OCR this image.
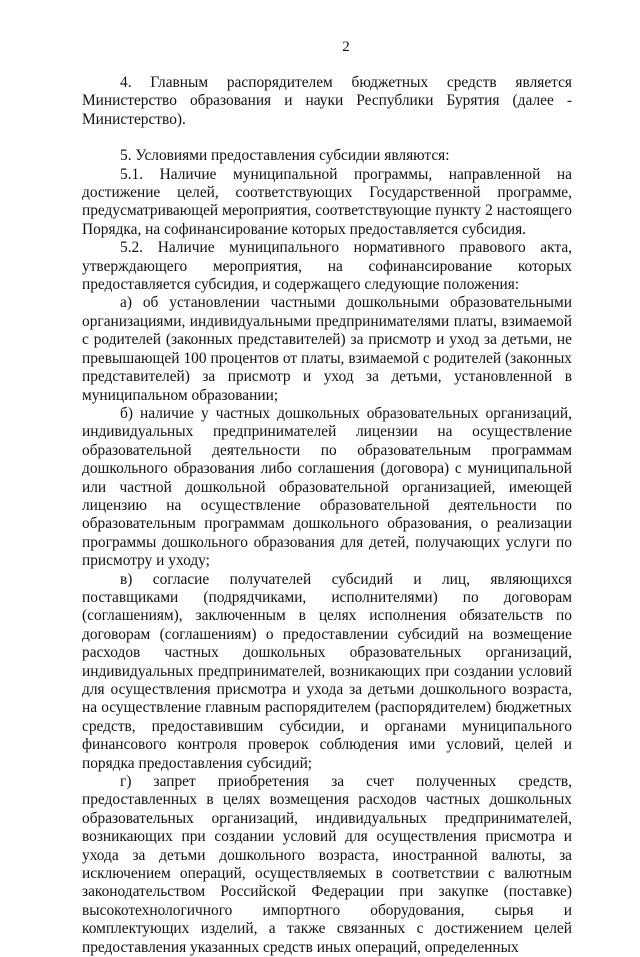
2

4. Главным распорядителем бюджетных средств является Министерство образования и науки Республики Бурятия (далее - Министерство).

5. Условиями предоставления субсидии являются:

5.1. Наличие муниципальной программы, направленной на достижение целей, соответствующих Государственной программе, предусматривающей мероприятия, соответствующие пункту 2 настоящего Порядка, на софинансирование которых предоставляется субсидия.

5.2. Наличие муниципального нормативного правового акта, утверждающего мероприятия, на софинансирование которых предоставляется субсидия, и содержащего следующие положения:

а) об установлении частными дошкольными образовательными организациями, индивидуальными предпринимателями платы, взимаемой с родителей (законных представителей) за присмотр и уход за детьми, не превышающей 100 процентов от платы, взимаемой с родителей (законных представителей) за присмотр и уход за детьми, установленной в муниципальном образовании;

б) наличие у частных дошкольных образовательных организаций, индивидуальных предпринимателей лицензии на осуществление образовательной деятельности по образовательным программам дошкольного образования либо соглашения (договора) с муниципальной или частной дошкольной образовательной организацией, имеющей лицензию на осуществление образовательной деятельности по образовательным программам дошкольного образования, о реализации программы дошкольного образования для детей, получающих услуги по присмотру и уходу;

в) согласие получателей субсидий и лиц, являющихся поставщиками (подрядчиками, исполнителями) по договорам (соглашениям), заключенным в целях исполнения обязательств по договорам (соглашениям) о предоставлении субсидий на возмещение расходов частных дошкольных образовательных организаций, индивидуальных предпринимателей, возникающих при создании условий для осуществления присмотра и ухода за детьми дошкольного возраста, на осуществление главным распорядителем (распорядителем) бюджетных средств, предоставившим субсидии, и органами муниципального финансового контроля проверок соблюдения ими условий, целей и порядка предоставления субсидий;

г) запрет приобретения за счет полученных средств, предоставленных в целях возмещения расходов частных дошкольных образовательных организаций, индивидуальных предпринимателей, возникающих при создании условий для осуществления присмотра и ухода за детьми дошкольного возраста, иностранной валюты, за исключением операций, осуществляемых в соответствии с валютным законодательством Российской Федерации при закупке (поставке) высокотехнологичного импортного оборудования, сырья и комплектующих изделий, а также связанных с достижением целей предоставления указанных средств иных операций, определенных
